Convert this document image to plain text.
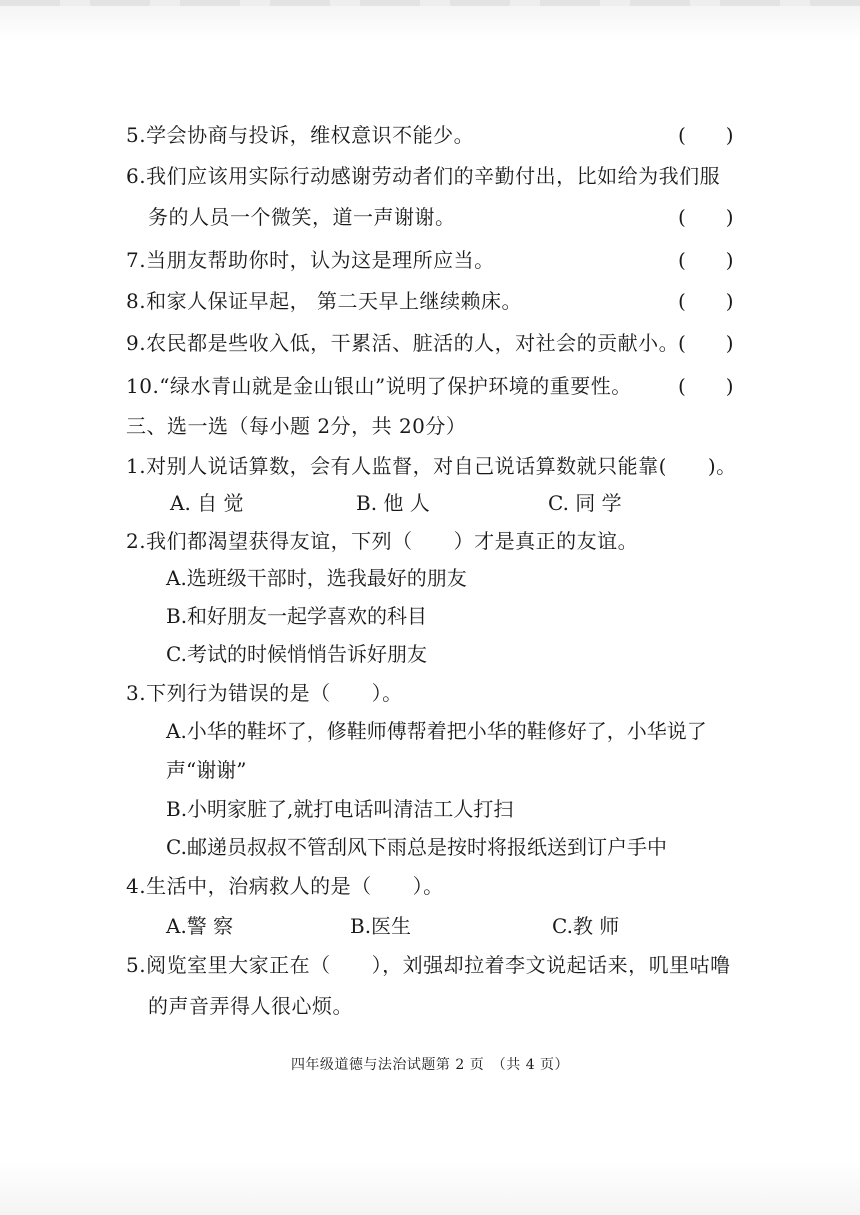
5.学会协商与投诉，维权意识不能少。	(　　)
6.我们应该用实际行动感谢劳动者们的辛勤付出，比如给为我们服
务的人员一个微笑，道一声谢谢。	(　　)
7.当朋友帮助你时，认为这是理所应当。	(　　)
8.和家人保证早起， 第二天早上继续赖床。	(　　)
9.农民都是些收入低，干累活、脏活的人，对社会的贡献小。
(　　)
10.“绿水青山就是金山银山”说明了保护环境的重要性。 (　　)
三、选一选（每小题 2分，共 20分）
1.对别人说话算数，会有人监督，对自己说话算数就只能靠(　　)。
A. 自 觉	B. 他 人	C. 同 学
2.我们都渴望获得友谊，下列（　　）才是真正的友谊。
A.选班级干部时，选我最好的朋友
B.和好朋友一起学喜欢的科目
C.考试的时候悄悄告诉好朋友
3.下列行为错误的是（　　）。
A.小华的鞋坏了，修鞋师傅帮着把小华的鞋修好了，小华说了
声“谢谢”
B.小明家脏了,就打电话叫清洁工人打扫
C.邮递员叔叔不管刮风下雨总是按时将报纸送到订户手中
4.生活中，治病救人的是（　　）。
A.警 察	B.医生	C.教 师
5.阅览室里大家正在（　　），刘强却拉着李文说起话来，叽里咕噜
的声音弄得人很心烦。
四年级道德与法治试题第 2 页　（共 4 页）
